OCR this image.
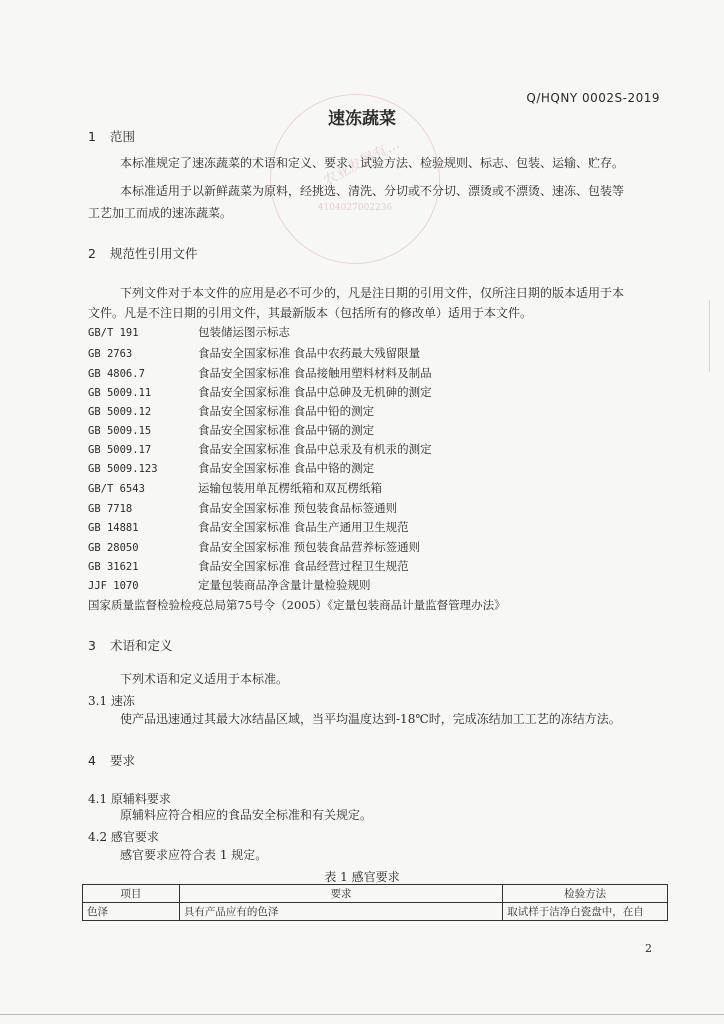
…农业发展有…
4104027002236
Q/HQNY 0002S-2019
速冻蔬菜
1 范围
本标准规定了速冻蔬菜的术语和定义、要求、试验方法、检验规则、标志、包装、运输、贮存。
本标准适用于以新鲜蔬菜为原料，经挑选、清洗、分切或不分切、漂烫或不漂烫、速冻、包装等
工艺加工而成的速冻蔬菜。
2 规范性引用文件
下列文件对于本文件的应用是必不可少的，凡是注日期的引用文件，仅所注日期的版本适用于本
文件。凡是不注日期的引用文件，其最新版本（包括所有的修改单）适用于本文件。
GB/T 191	包装储运图示标志
GB 2763	食品安全国家标准 食品中农药最大残留限量
GB 4806.7	食品安全国家标准 食品接触用塑料材料及制品
GB 5009.11	食品安全国家标准 食品中总砷及无机砷的测定
GB 5009.12	食品安全国家标准 食品中铅的测定
GB 5009.15	食品安全国家标准 食品中镉的测定
GB 5009.17	食品安全国家标准 食品中总汞及有机汞的测定
GB 5009.123	食品安全国家标准 食品中铬的测定
GB/T 6543	运输包装用单瓦楞纸箱和双瓦楞纸箱
GB 7718	食品安全国家标准 预包装食品标签通则
GB 14881	食品安全国家标准 食品生产通用卫生规范
GB 28050	食品安全国家标准 预包装食品营养标签通则
GB 31621	食品安全国家标准 食品经营过程卫生规范
JJF 1070	定量包装商品净含量计量检验规则
国家质量监督检验检疫总局第75号令（2005）《定量包装商品计量监督管理办法》
3 术语和定义
下列术语和定义适用于本标准。
3.1 速冻
使产品迅速通过其最大冰结晶区域，当平均温度达到-18℃时，完成冻结加工工艺的冻结方法。
4 要求
4.1 原辅料要求
原辅料应符合相应的食品安全标准和有关规定。
4.2 感官要求
感官要求应符合表 1 规定。
表 1 感官要求
项目	要求	检验方法
色泽	具有产品应有的色泽	取试样于洁净白瓷盘中，在自
2
